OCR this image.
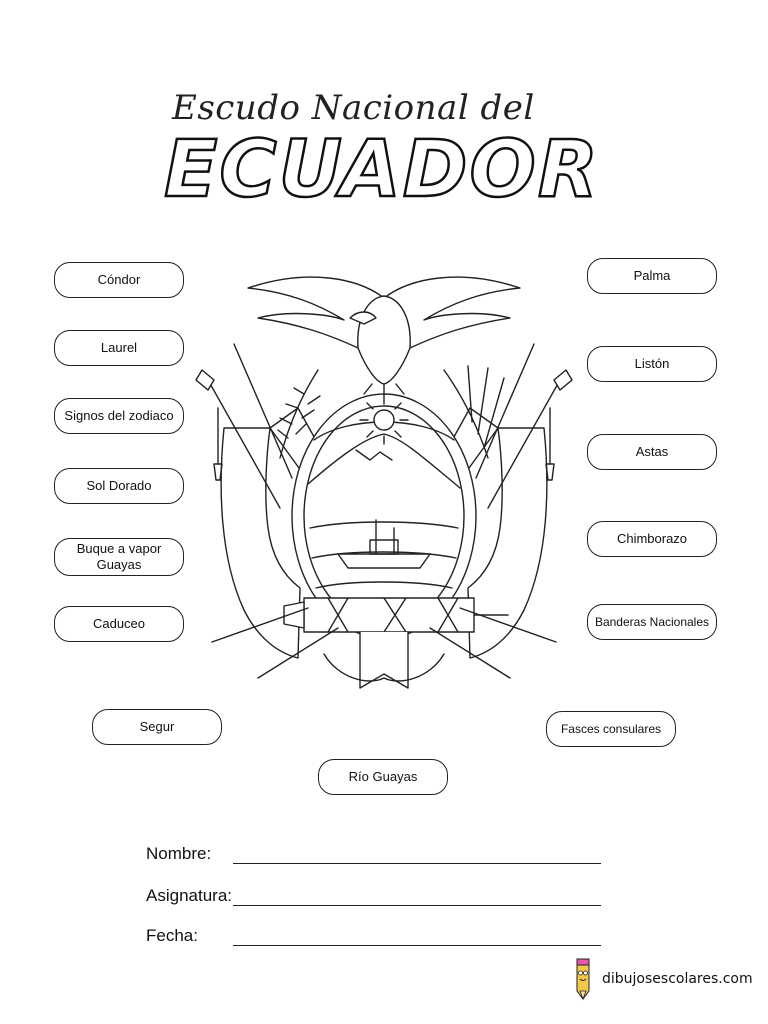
Escudo Nacional del
ECUADOR
Cóndor
Laurel
Signos del zodiaco
Sol Dorado
Buque a vapor Guayas
Caduceo
Palma
Listón
Astas
Chimborazo
Banderas Nacionales
Segur	Fasces consulares
Río Guayas
Nombre:
Asignatura:
Fecha:
dibujosescolares.com
